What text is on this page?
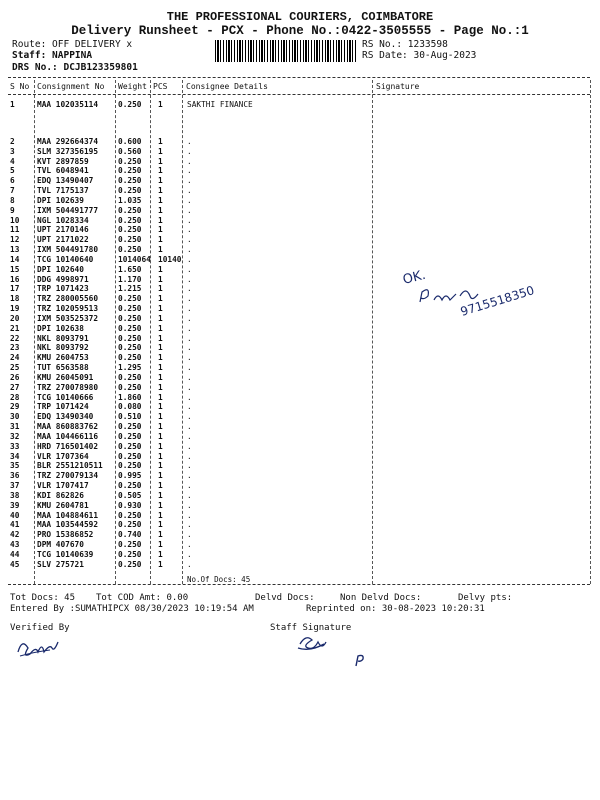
THE PROFESSIONAL COURIERS, COIMBATORE
Delivery Runsheet - PCX - Phone No.:0422-3505555 - Page No.:1
Route: OFF DELIVERY x
Staff: NAPPINA
DRS No.: DCJB123359801
RS No.: 1233598
RS Date: 30-Aug-2023
S No Consignment No Weight PCS Consignee Details	Signature
1	MAA 102035114	0.250 1	SAKTHI FINANCE
2	MAA 292664374	0.600 1	.
3	SLM 327356195	0.560 1	.
4	KVT 2897859	0.250 1	.
5	TVL 6048941	0.250 1	.
6	EDQ 13490407	0.250 1	.
7	TVL 7175137	0.250 1	.
8	DPI 102639	1.035 1	.
9	IXM 504491777	0.250 1	.
10 NGL 1028334	0.250 1	.
11 UPT 2170146	0.250 1	.
12 UPT 2171022	0.250 1	.
13 IXM 504491780	0.250 1	.
14 TCG 10140640	1014064 10140 .
15 DPI 102640	1.650 1	.
16 DDG 4998971	1.170 1	.
17 TRP 1071423	1.215 1	.
18 TRZ 280005560	0.250 1	.
19 TRZ 102059513	0.250 1	.
20 IXM 503525372	0.250 1	.
21 DPI 102638	0.250 1	.
22 NKL 8093791	0.250 1	.
23 NKL 8093792	0.250 1	.
24 KMU 2604753	0.250 1	.
25 TUT 6563588	1.295 1	.
26 KMU 26045091	0.250 1	.
27 TRZ 270078980	0.250 1	.
28 TCG 10140666	1.860 1	.
29 TRP 1071424	0.080 1	.
30 EDQ 13490340	0.510 1	.
31 MAA 860883762	0.250 1	.
32 MAA 104466116	0.250 1	.
33 HRD 716501402	0.250 1	.
34 VLR 1707364	0.250 1	.
35 BLR 2551210511 0.250 1	.
36 TRZ 270079134	0.995 1	.
37 VLR 1707417	0.250 1	.
38 KDI 862826	0.505 1	.
39 KMU 2604781	0.930 1	.
40 MAA 104884611	0.250 1	.
41 MAA 103544592	0.250 1	.
42 PRO 15386852	0.740 1	.
43 DPM 407670	0.250 1	.
44 TCG 10140639	0.250 1	.
45 SLV 275721	0.250 1	.
No.Of Docs: 45
Tot Docs: 45 Tot COD Amt: 0.00	Delvd Docs:	Non Delvd Docs:	Delvy pts:
Entered By :SUMATHIPCX 08/30/2023 10:19:54 AM	Reprinted on: 30-08-2023 10:20:31
Verified By	Staff Signature
OK.
9715518350
